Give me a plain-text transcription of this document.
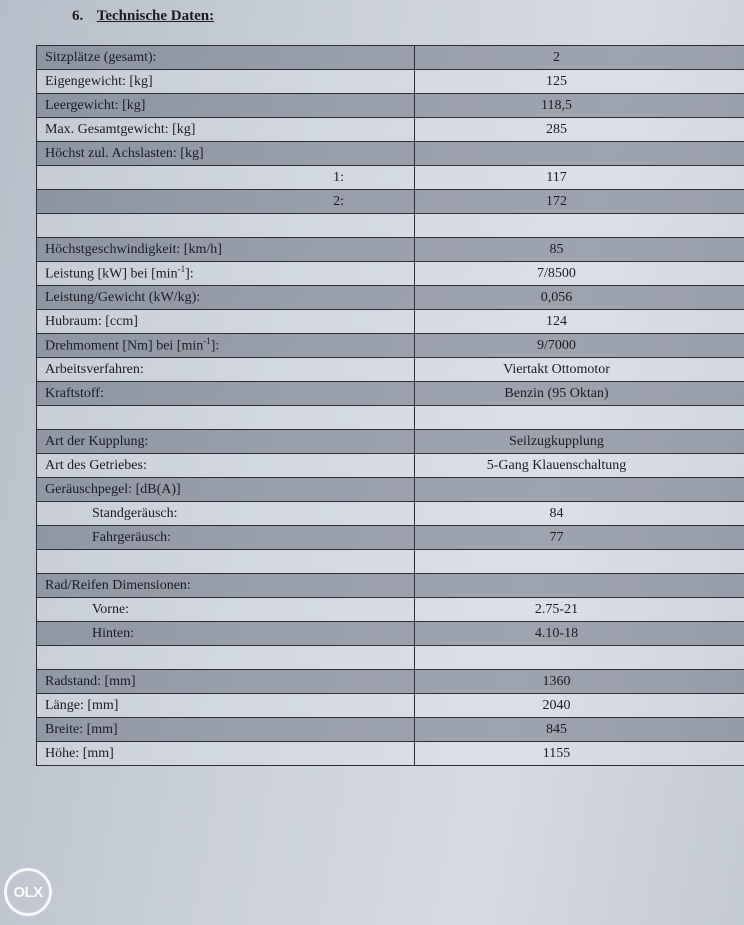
6. Technische Daten:
Sitzplätze (gesamt):	2
Eigengewicht: [kg]	125
Leergewicht: [kg]	118,5
Max. Gesamtgewicht: [kg]	285
Höchst zul. Achslasten: [kg]	
1:	117
2:	172

Höchstgeschwindigkeit: [km/h]	85
Leistung [kW] bei $[\min^{-1}]$:	7/8500
Leistung/Gewicht (kW/kg):	0,056
Hubraum: [ccm]	124
Drehmoment [Nm] bei $[\min^{-1}]$:	9/7000
Arbeitsverfahren:	Viertakt Ottomotor
Kraftstoff:	Benzin (95 Oktan)

Art der Kupplung:	Seilzugkupplung
Art des Getriebes:	5-Gang Klauenschaltung
Geräuschpegel: [dB(A)]	
Standgeräusch:	84
Fahrgeräusch:	77

Rad/Reifen Dimensionen:	
Vorne:	2.75-21
Hinten:	4.10-18

Radstand: [mm]	1360
Länge: [mm]	2040
Breite: [mm]	845
Höhe: [mm]	1155
OLX
